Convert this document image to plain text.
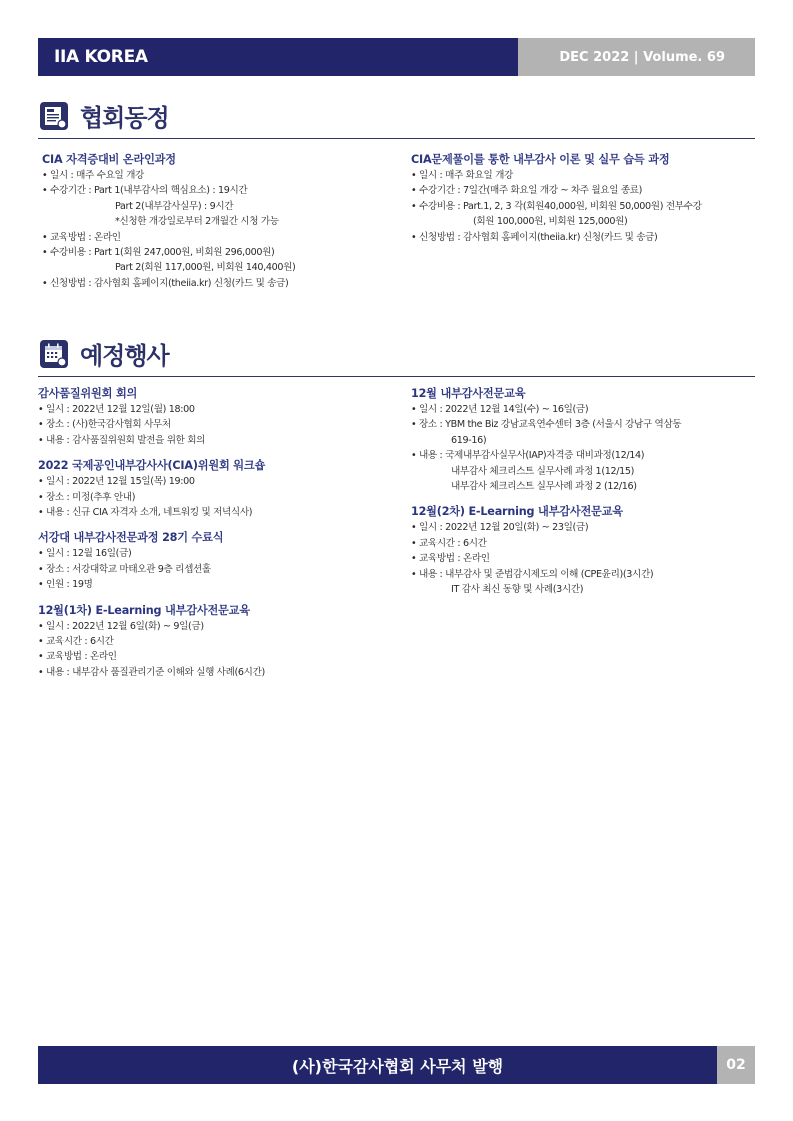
IIA KOREA	DEC 2022 | Volume. 69
협회동정
CIA 자격증대비 온라인과정
• 일시 : 매주 수요일 개강
• 수강기간 : Part 1(내부감사의 핵심요소) : 19시간
Part 2(내부감사실무) : 9시간
*신청한 개강일로부터 2개월간 시청 가능
• 교육방법 : 온라인
• 수강비용 : Part 1(회원 247,000원, 비회원 296,000원)
Part 2(회원 117,000원, 비회원 140,400원)
• 신청방법 : 감사협회 홈페이지(theiia.kr) 신청(카드 및 송금)
CIA문제풀이를 통한 내부감사 이론 및 실무 습득 과정
• 일시 : 매주 화요일 개강
• 수강기간 : 7일간(매주 화요일 개강 ~ 차주 월요일 종료)
• 수강비용 : Part.1, 2, 3 각(회원40,000원, 비회원 50,000원) 전부수강
(회원 100,000원, 비회원 125,000원)
• 신청방법 : 감사협회 홈페이지(theiia.kr) 신청(카드 및 송금)
예정행사
감사품질위원회 회의
• 일시 : 2022년 12월 12일(월) 18:00
• 장소 : (사)한국감사협회 사무처
• 내용 : 감사품질위원회 발전을 위한 회의
2022 국제공인내부감사사(CIA)위원회 워크숍
• 일시 : 2022년 12월 15일(목) 19:00
• 장소 : 미정(추후 안내)
• 내용 : 신규 CIA 자격자 소개, 네트워킹 및 저녁식사)
서강대 내부감사전문과정 28기 수료식
• 일시 : 12월 16일(금)
• 장소 : 서강대학교 마태오관 9층 리셉션홀
• 인원 : 19명
12월(1차) E-Learning 내부감사전문교육
• 일시 : 2022년 12월 6일(화) ~ 9일(금)
• 교육시간 : 6시간
• 교육방법 : 온라인
• 내용 : 내부감사 품질관리기준 이해와 실행 사례(6시간)
12월 내부감사전문교육
• 일시 : 2022년 12월 14일(수) ~ 16일(금)
• 장소 : YBM the Biz 강남교육연수센터 3층 (서울시 강남구 역삼동
619-16)
• 내용 : 국제내부감사실무사(IAP)자격증 대비과정(12/14)
내부감사 체크리스트 실무사례 과정 1(12/15)
내부감사 체크리스트 실무사례 과정 2 (12/16)
12월(2차) E-Learning 내부감사전문교육
• 일시 : 2022년 12월 20일(화) ~ 23일(금)
• 교육시간 : 6시간
• 교육방법 : 온라인
• 내용 : 내부감사 및 준법감시제도의 이해 (CPE윤리)(3시간)
IT 감사 최신 동향 및 사례(3시간)
(사)한국감사협회 사무처 발행	02
